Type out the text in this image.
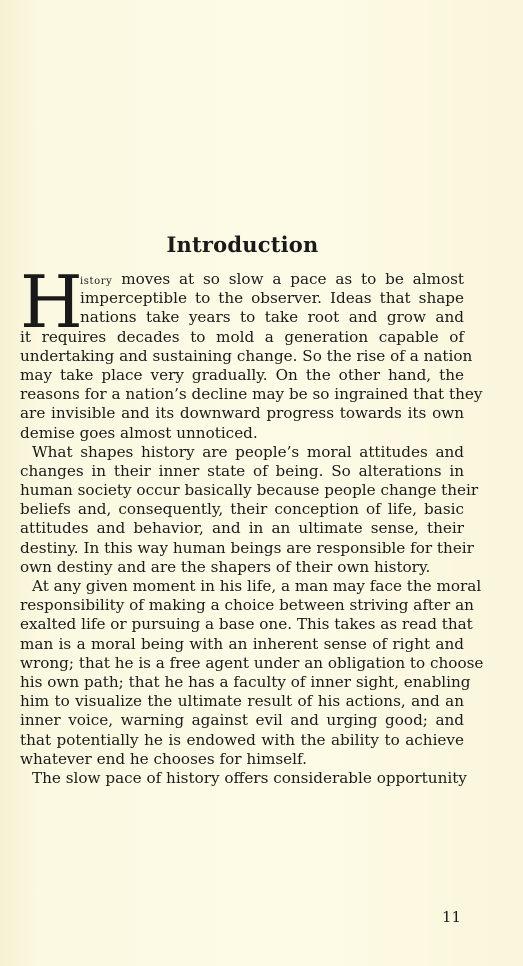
Introduction
H
istory moves at so slow a pace as to be almost
imperceptible to the observer. Ideas that shape
nations take years to take root and grow and
it requires decades to mold a generation capable of
undertaking and sustaining change. So the rise of a nation
may take place very gradually. On the other hand, the
reasons for a nation’s decline may be so ingrained that they
are invisible and its downward progress towards its own
demise goes almost unnoticed.
What shapes history are people’s moral attitudes and
changes in their inner state of being. So alterations in
human society occur basically because people change their
beliefs and, consequently, their conception of life, basic
attitudes and behavior, and in an ultimate sense, their
destiny. In this way human beings are responsible for their
own destiny and are the shapers of their own history.
At any given moment in his life, a man may face the moral
responsibility of making a choice between striving after an
exalted life or pursuing a base one. This takes as read that
man is a moral being with an inherent sense of right and
wrong; that he is a free agent under an obligation to choose
his own path; that he has a faculty of inner sight, enabling
him to visualize the ultimate result of his actions, and an
inner voice, warning against evil and urging good; and
that potentially he is endowed with the ability to achieve
whatever end he chooses for himself.
The slow pace of history offers considerable opportunity
11
